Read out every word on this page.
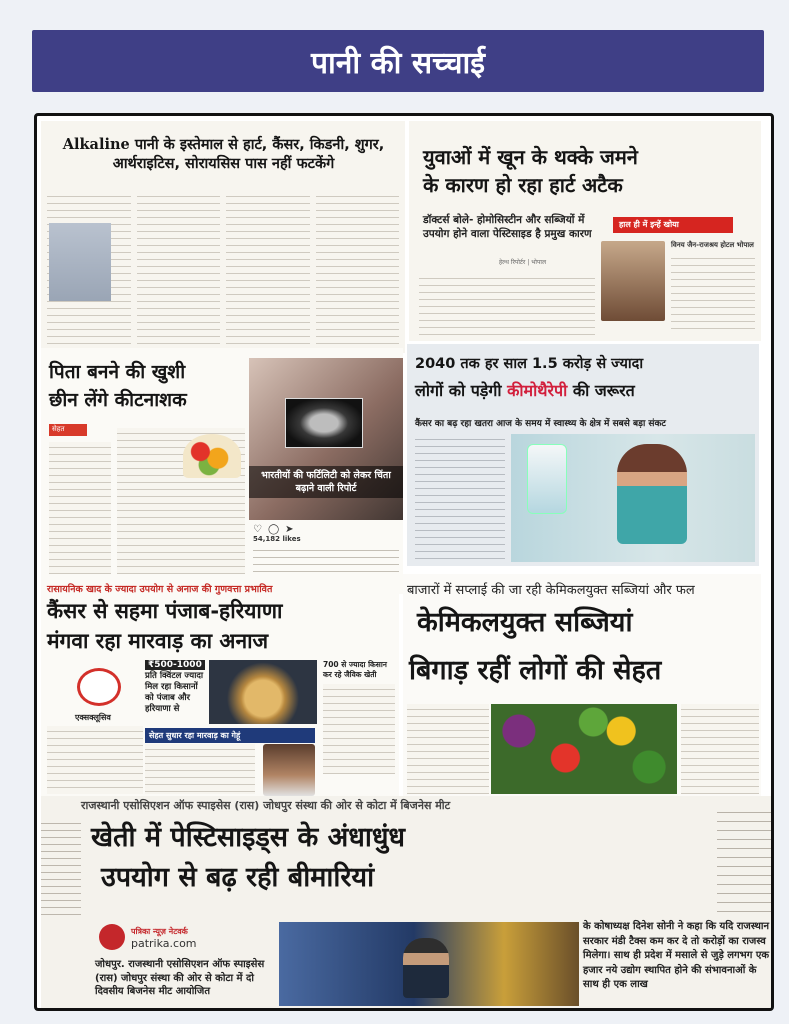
पानी की सच्चाई
Alkaline पानी के इस्तेमाल से हार्ट, कैंसर, किडनी, शुगर, आर्थराइटिस, सोरायसिस पास नहीं फटकेंगे	युवाओं में खून के थक्के जमने
के कारण हो रहा हार्ट अटैक
डॉक्टर्स बोले- होमोसिस्टीन और सब्जियों में उपयोग होने वाला पेस्टिसाइड है प्रमुख कारण
हेल्थ रिपोर्टर | भोपाल
हाल ही में इन्हें खोया
विनय जैन-राजश्रय होटल भोपाल
पिता बनने की खुशी
छीन लेंगे कीटनाशक
सेहत
भारतीयों की फर्टिलिटी को लेकर चिंता बढ़ाने वाली रिपोर्ट
♡◯➤
54,182 likes
2040 तक हर साल 1.5 करोड़ से ज्यादा
लोगों को पड़ेगी कीमोथैरेपी की जरूरत
कैंसर का बढ़ रहा खतरा आज के समय में स्वास्थ्य के क्षेत्र में सबसे बड़ा संकट
रासायनिक खाद के ज्यादा उपयोग से अनाज की गुणवत्ता प्रभावित
कैंसर से सहमा पंजाब-हरियाणा
मंगवा रहा मारवाड़ का अनाज
एक्सक्लूसिव
₹500-1000
प्रति क्विंटल ज्यादा मिल रहा किसानों को पंजाब और हरियाणा से
सेहत सुधार रहा मारवाड़ का गेहूं
700 से ज्यादा किसान कर रहे जैविक खेती
बाजारों में सप्लाई की जा रही केमिकलयुक्त सब्जियां और फल
केमिकलयुक्त सब्जियां
बिगाड़ रहीं लोगों की सेहत
राजस्थानी एसोसिएशन ऑफ स्पाइसेस (रास) जोधपुर संस्था की ओर से कोटा में बिजनेस मीट
खेती में पेस्टिसाइड्स के अंधाधुंध
उपयोग से बढ़ रही बीमारियां
पत्रिका न्यूज़ नेटवर्क
patrika.com
जोधपुर. राजस्थानी एसोसिएशन ऑफ स्पाइसेस (रास) जोधपुर संस्था की ओर से कोटा में दो दिवसीय बिजनेस मीट आयोजित
के कोषाध्यक्ष दिनेश सोनी ने कहा कि यदि राजस्थान सरकार मंडी टैक्स कम कर दे तो करोड़ों का राजस्व मिलेगा। साथ ही प्रदेश में मसाले से जुड़े लगभग एक हजार नये उद्योग स्थापित होने की संभावनाओं के साथ ही एक लाख
